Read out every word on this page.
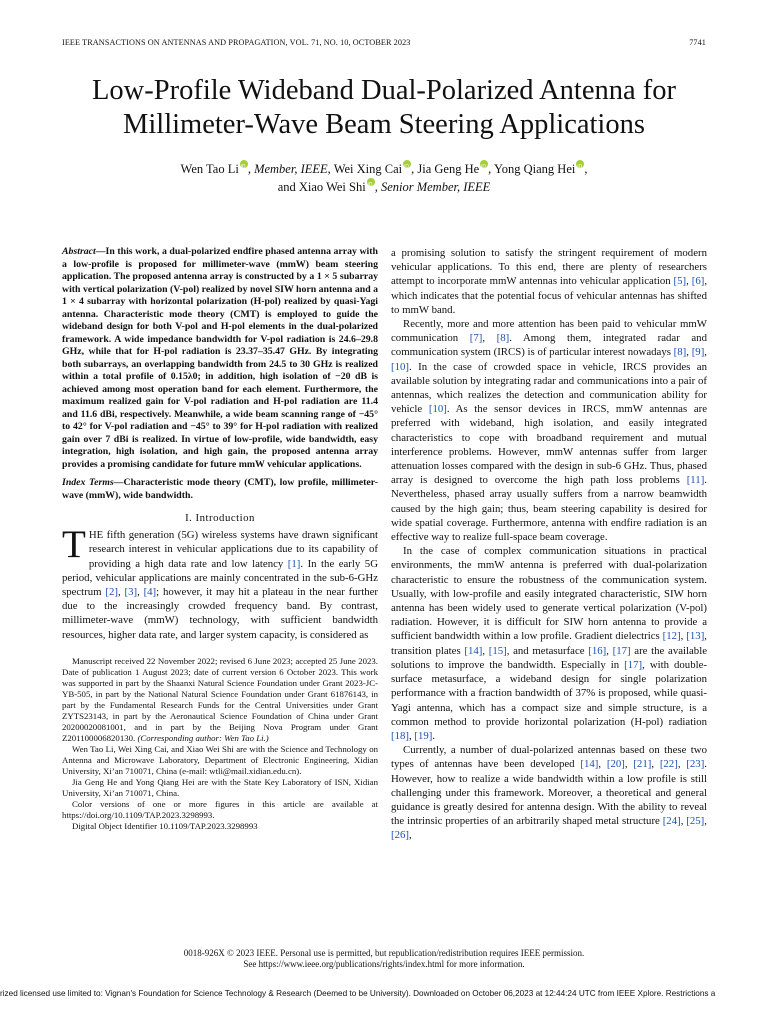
IEEE TRANSACTIONS ON ANTENNAS AND PROPAGATION, VOL. 71, NO. 10, OCTOBER 2023	7741
Low-Profile Wideband Dual-Polarized Antenna for
Millimeter-Wave Beam Steering Applications
Wen Tao Li iD , Member, IEEE, Wei Xing Cai iD , Jia Geng He iD , Yong Qiang Hei iD ,
and Xiao Wei Shi iD , Senior Member, IEEE
Abstract—In this work, a dual-polarized endfire phased antenna array with a low-profile is proposed for millimeter-wave (mmW) beam steering application. The proposed antenna array is constructed by a 1 × 5 subarray with vertical polarization (V-pol) realized by novel SIW horn antenna and a 1 × 4 subarray with horizontal polarization (H-pol) realized by quasi-Yagi antenna. Characteristic mode theory (CMT) is employed to guide the wideband design for both V-pol and H-pol elements in the dual-polarized framework. A wide impedance bandwidth for V-pol radiation is 24.6–29.8 GHz, while that for H-pol radiation is 23.37–35.47 GHz. By integrating both subarrays, an overlapping bandwidth from 24.5 to 30 GHz is realized within a total profile of 0.15λ0; in addition, high isolation of −20 dB is achieved among most operation band for each element. Furthermore, the maximum realized gain for V-pol radiation and H-pol radiation are 11.4 and 11.6 dBi, respectively. Meanwhile, a wide beam scanning range of −45° to 42° for V-pol radiation and −45° to 39° for H-pol radiation with realized gain over 7 dBi is realized. In virtue of low-profile, wide bandwidth, easy integration, high isolation, and high gain, the proposed antenna array provides a promising candidate for future mmW vehicular applications.
Index Terms—Characteristic mode theory (CMT), low profile, millimeter-wave (mmW), wide bandwidth.
I. Introduction
THE fifth generation (5G) wireless systems have drawn significant research interest in vehicular applications due to its capability of providing a high data rate and low latency [1]. In the early 5G period, vehicular applications are mainly concentrated in the sub-6-GHz spectrum [2], [3], [4]; however, it may hit a plateau in the near further due to the increasingly crowded frequency band. By contrast, millimeter-wave (mmW) technology, with sufficient bandwidth resources, higher data rate, and larger system capacity, is considered as

Manuscript received 22 November 2022; revised 6 June 2023; accepted 25 June 2023. Date of publication 1 August 2023; date of current version 6 October 2023. This work was supported in part by the Shaanxi Natural Science Foundation under Grant 2023-JC-YB-505, in part by the National Natural Science Foundation under Grant 61876143, in part by the Fundamental Research Funds for the Central Universities under Grant ZYTS23143, in part by the Aeronautical Science Foundation of China under Grant 20200020081001, and in part by the Beijing Nova Program under Grant Z201100006820130. (Corresponding author: Wen Tao Li.)

Wen Tao Li, Wei Xing Cai, and Xiao Wei Shi are with the Science and Technology on Antenna and Microwave Laboratory, Department of Electronic Engineering, Xidian University, Xi’an 710071, China (e-mail: wtli@mail.xidian.edu.cn).

Jia Geng He and Yong Qiang Hei are with the State Key Laboratory of ISN, Xidian University, Xi’an 710071, China.

Color versions of one or more figures in this article are available at https://doi.org/10.1109/TAP.2023.3298993.

Digital Object Identifier 10.1109/TAP.2023.3298993

a promising solution to satisfy the stringent requirement of modern vehicular applications. To this end, there are plenty of researchers attempt to incorporate mmW antennas into vehicular application [5], [6], which indicates that the potential focus of vehicular antennas has shifted to mmW band.

Recently, more and more attention has been paid to vehicular mmW communication [7], [8]. Among them, integrated radar and communication system (IRCS) is of particular interest nowadays [8], [9], [10]. In the case of crowded space in vehicle, IRCS provides an available solution by integrating radar and communications into a pair of antennas, which realizes the detection and communication ability for vehicle [10]. As the sensor devices in IRCS, mmW antennas are preferred with wideband, high isolation, and easily integrated characteristics to cope with broadband requirement and mutual interference problems. However, mmW antennas suffer from larger attenuation losses compared with the design in sub-6 GHz. Thus, phased array is designed to overcome the high path loss problems [11]. Nevertheless, phased array usually suffers from a narrow beamwidth caused by the high gain; thus, beam steering capability is desired for wide spatial coverage. Furthermore, antenna with endfire radiation is an effective way to realize full-space beam coverage.

In the case of complex communication situations in practical environments, the mmW antenna is preferred with dual-polarization characteristic to ensure the robustness of the communication system. Usually, with low-profile and easily integrated characteristic, SIW horn antenna has been widely used to generate vertical polarization (V-pol) radiation. However, it is difficult for SIW horn antenna to provide a sufficient bandwidth within a low profile. Gradient dielectrics [12], [13], transition plates [14], [15], and metasurface [16], [17] are the available solutions to improve the bandwidth. Especially in [17], with double-surface metasurface, a wideband design for single polarization performance with a fraction bandwidth of 37% is proposed, while quasi-Yagi antenna, which has a compact size and simple structure, is a common method to provide horizontal polarization (H-pol) radiation [18], [19].

Currently, a number of dual-polarized antennas based on these two types of antennas have been developed [14], [20], [21], [22], [23]. However, how to realize a wide bandwidth within a low profile is still challenging under this framework. Moreover, a theoretical and general guidance is greatly desired for antenna design. With the ability to reveal the intrinsic properties of an arbitrarily shaped metal structure [24], [25], [26],

0018-926X © 2023 IEEE. Personal use is permitted, but republication/redistribution requires IEEE permission.
See https://www.ieee.org/publications/rights/index.html for more information.
rized licensed use limited to: Vignan's Foundation for Science Technology & Research (Deemed to be University). Downloaded on October 06,2023 at 12:44:24 UTC from IEEE Xplore. Restrictions a
